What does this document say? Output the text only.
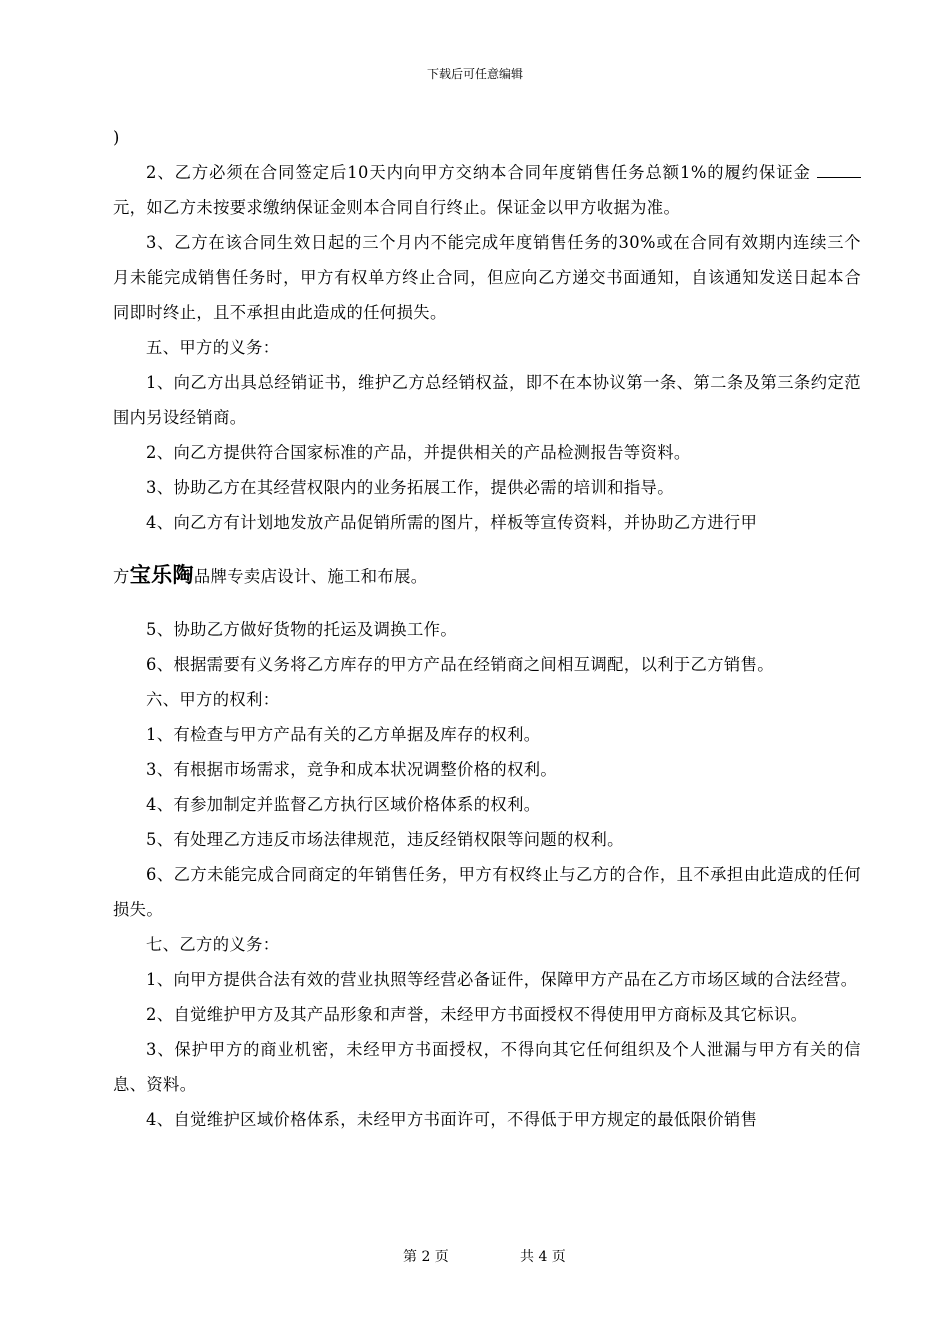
下载后可任意编辑

)

2、乙方必须在合同签定后10天内向甲方交纳本合同年度销售任务总额1%的履约保证金 元，如乙方未按要求缴纳保证金则本合同自行终止。保证金以甲方收据为准。

3、乙方在该合同生效日起的三个月内不能完成年度销售任务的30%或在合同有效期内连续三个月未能完成销售任务时，甲方有权单方终止合同，但应向乙方递交书面通知，自该通知发送日起本合同即时终止，且不承担由此造成的任何损失。

五、甲方的义务：

1、向乙方出具总经销证书，维护乙方总经销权益，即不在本协议第一条、第二条及第三条约定范围内另设经销商。

2、向乙方提供符合国家标准的产品，并提供相关的产品检测报告等资料。

3、协助乙方在其经营权限内的业务拓展工作，提供必需的培训和指导。

4、向乙方有计划地发放产品促销所需的图片，样板等宣传资料，并协助乙方进行甲

方宝乐陶品牌专卖店设计、施工和布展。

5、协助乙方做好货物的托运及调换工作。

6、根据需要有义务将乙方库存的甲方产品在经销商之间相互调配，以利于乙方销售。

六、甲方的权利：

1、有检查与甲方产品有关的乙方单据及库存的权利。

3、有根据市场需求，竞争和成本状况调整价格的权利。

4、有参加制定并监督乙方执行区域价格体系的权利。

5、有处理乙方违反市场法律规范，违反经销权限等问题的权利。

6、乙方未能完成合同商定的年销售任务，甲方有权终止与乙方的合作，且不承担由此造成的任何损失。

七、乙方的义务：

1、向甲方提供合法有效的营业执照等经营必备证件，保障甲方产品在乙方市场区域的合法经营。

2、自觉维护甲方及其产品形象和声誉，未经甲方书面授权不得使用甲方商标及其它标识。

3、保护甲方的商业机密，未经甲方书面授权，不得向其它任何组织及个人泄漏与甲方有关的信息、资料。

4、自觉维护区域价格体系，未经甲方书面许可，不得低于甲方规定的最低限价销售

第 2 页	共 4 页
